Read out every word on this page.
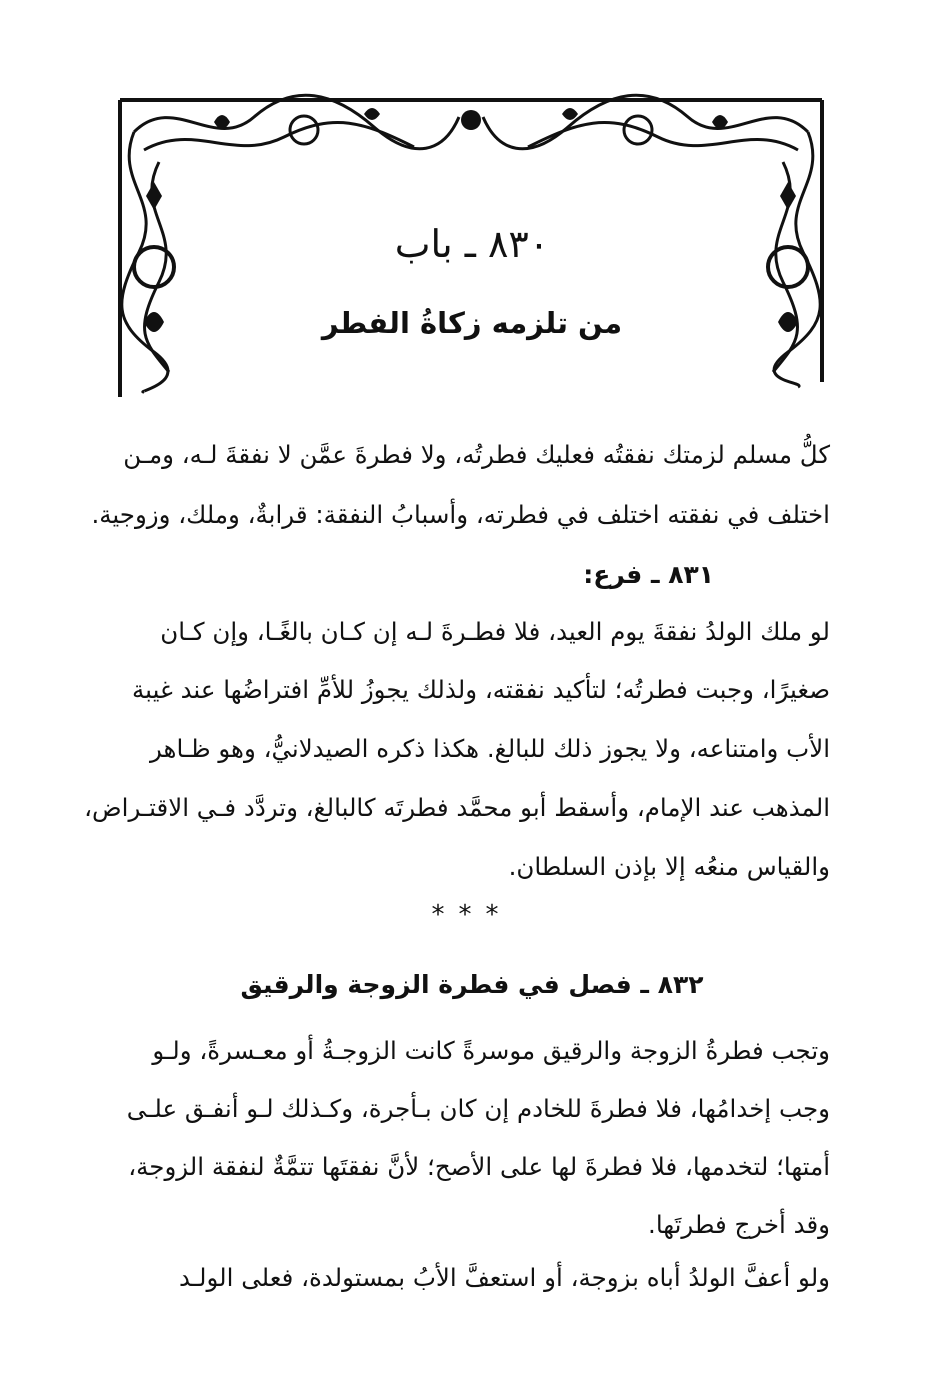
٨٣٠ ـ باب
من تلزمه زكاةُ الفطر
كلُّ مسلم لزمتك نفقتُه فعليك فطرتُه، ولا فطرةَ عمَّن لا نفقةَ لـه، ومـن
اختلف في نفقته اختلف في فطرته، وأسبابُ النفقة: قرابةٌ، وملك، وزوجية.
٨٣١ ـ فرع:
لو ملك الولدُ نفقةَ يوم العيد، فلا فطـرةَ لـه إن كـان بالغًـا، وإن كـان
صغيرًا، وجبت فطرتُه؛ لتأكيد نفقته، ولذلك يجوزُ للأمِّ افتراضُها عند غيبة
الأب وامتناعه، ولا يجوز ذلك للبالغ. هكذا ذكره الصيدلانيُّ، وهو ظـاهر
المذهب عند الإمام، وأسقط أبو محمَّد فطرتَه كالبالغ، وتردَّد فـي الاقتـراض،
والقياس منعُه إلا بإذن السلطان.
***
٨٣٢ ـ فصل في فطرة الزوجة والرقيق
وتجب فطرةُ الزوجة والرقيق موسرةً كانت الزوجـةُ أو معـسرةً، ولـو
وجب إخدامُها، فلا فطرةَ للخادم إن كان بـأجرة، وكـذلك لـو أنفـق علـى
أمتها؛ لتخدمها، فلا فطرةَ لها على الأصح؛ لأنَّ نفقتَها تتمَّةٌ لنفقة الزوجة،
وقد أخرج فطرتَها.
ولو أعفَّ الولدُ أباه بزوجة، أو استعفَّ الأبُ بمستولدة، فعلى الولـد
